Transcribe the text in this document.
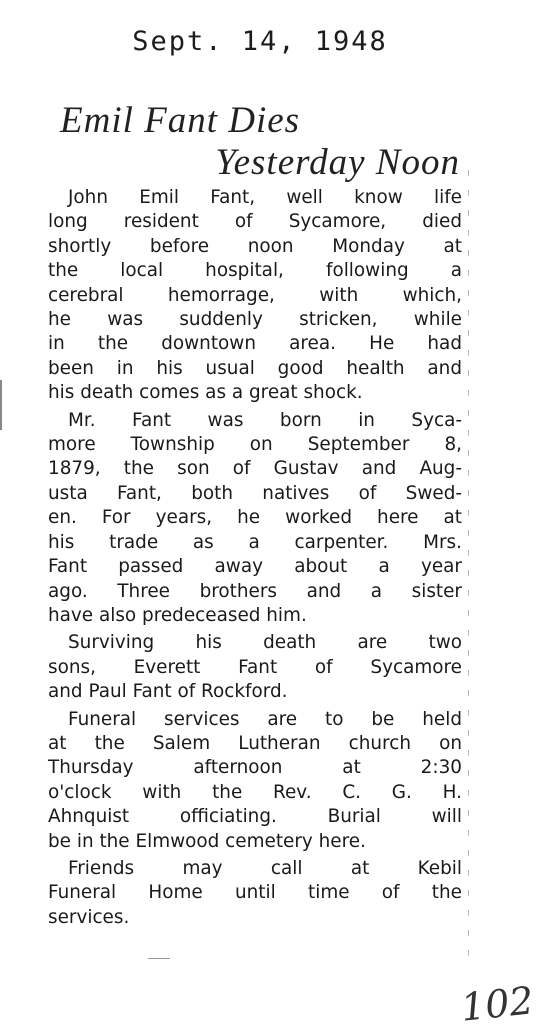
Sept. 14, 1948
Emil Fant Dies
Yesterday Noon

John Emil Fant, well know life
long resident of Sycamore, died
shortly before noon Monday at
the local hospital, following a
cerebral hemorrage, with which,
he was suddenly stricken, while
in the downtown area. He had
been in his usual good health and
his death comes as a great shock.

Mr. Fant was born in Syca-
more Township on September 8,
1879, the son of Gustav and Aug-
usta Fant, both natives of Swed-
en. For years, he worked here at
his trade as a carpenter. Mrs.
Fant passed away about a year
ago. Three brothers and a sister
have also predeceased him.

Surviving his death are two
sons, Everett Fant of Sycamore
and Paul Fant of Rockford.

Funeral services are to be held
at the Salem Lutheran church on
Thursday afternoon at 2:30
o'clock with the Rev. C. G. H.
Ahnquist officiating. Burial will
be in the Elmwood cemetery here.

Friends may call at Kebil
Funeral Home until time of the
services.

102
